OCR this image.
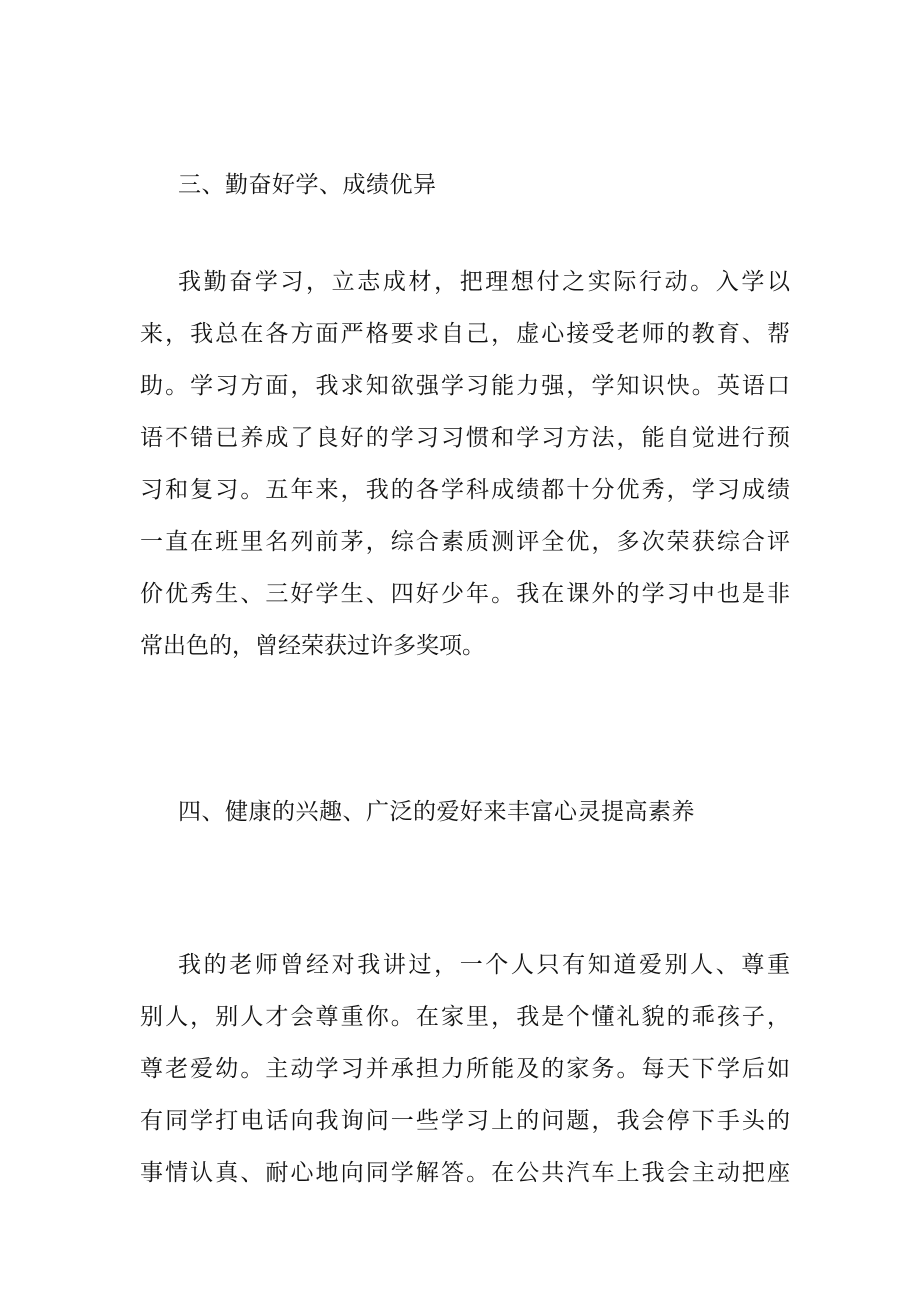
三、勤奋好学、成绩优异
我勤奋学习，立志成材，把理想付之实际行动。入学以
来，我总在各方面严格要求自己，虚心接受老师的教育、帮
助。学习方面，我求知欲强学习能力强，学知识快。英语口
语不错已养成了良好的学习习惯和学习方法，能自觉进行预
习和复习。五年来，我的各学科成绩都十分优秀，学习成绩
一直在班里名列前茅，综合素质测评全优，多次荣获综合评
价优秀生、三好学生、四好少年。我在课外的学习中也是非
常出色的，曾经荣获过许多奖项。
四、健康的兴趣、广泛的爱好来丰富心灵提高素养
我的老师曾经对我讲过，一个人只有知道爱别人、尊重
别人，别人才会尊重你。在家里，我是个懂礼貌的乖孩子，
尊老爱幼。主动学习并承担力所能及的家务。每天下学后如
有同学打电话向我询问一些学习上的问题，我会停下手头的
事情认真、耐心地向同学解答。在公共汽车上我会主动把座
